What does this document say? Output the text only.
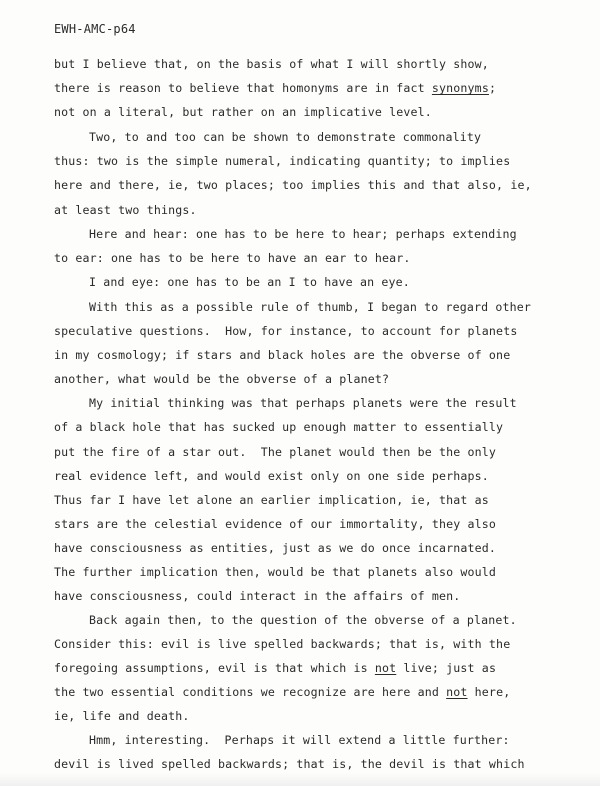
EWH-AMC-p64
but I believe that, on the basis of what I will shortly show,
there is reason to believe that homonyms are in fact synonyms;
not on a literal, but rather on an implicative level.
Two, to and too can be shown to demonstrate commonality
thus: two is the simple numeral, indicating quantity; to implies
here and there, ie, two places; too implies this and that also, ie,
at least two things.
Here and hear: one has to be here to hear; perhaps extending
to ear: one has to be here to have an ear to hear.
I and eye: one has to be an I to have an eye.
With this as a possible rule of thumb, I began to regard other
speculative questions.  How, for instance, to account for planets
in my cosmology; if stars and black holes are the obverse of one
another, what would be the obverse of a planet?
My initial thinking was that perhaps planets were the result
of a black hole that has sucked up enough matter to essentially
put the fire of a star out.  The planet would then be the only
real evidence left, and would exist only on one side perhaps.
Thus far I have let alone an earlier implication, ie, that as
stars are the celestial evidence of our immortality, they also
have consciousness as entities, just as we do once incarnated.
The further implication then, would be that planets also would
have consciousness, could interact in the affairs of men.
Back again then, to the question of the obverse of a planet.
Consider this: evil is live spelled backwards; that is, with the
foregoing assumptions, evil is that which is not live; just as
the two essential conditions we recognize are here and not here,
ie, life and death.
Hmm, interesting.  Perhaps it will extend a little further:
devil is lived spelled backwards; that is, the devil is that which
